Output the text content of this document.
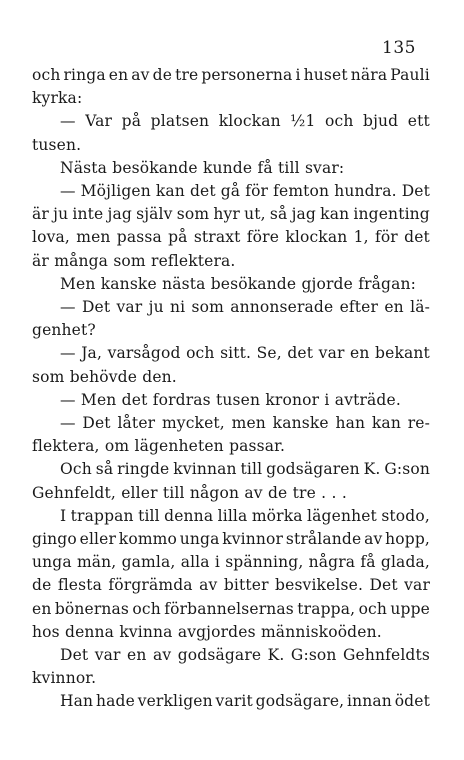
135
och ringa en av de tre personerna i huset nära Pauli
kyrka:
— Var på platsen klockan ½1 och bjud ett
tusen.
Nästa besökande kunde få till svar:
— Möjligen kan det gå för femton hundra. Det
är ju inte jag själv som hyr ut, så jag kan ingenting
lova, men passa på straxt före klockan 1, för det
är många som reflektera.
Men kanske nästa besökande gjorde frågan:
— Det var ju ni som annonserade efter en lä-
genhet?
— Ja, varsågod och sitt. Se, det var en bekant
som behövde den.
— Men det fordras tusen kronor i avträde.
— Det låter mycket, men kanske han kan re-
flektera, om lägenheten passar.
Och så ringde kvinnan till godsägaren K. G:son
Gehnfeldt, eller till någon av de tre . . .
I trappan till denna lilla mörka lägenhet stodo,
gingo eller kommo unga kvinnor strålande av hopp,
unga män, gamla, alla i spänning, några få glada,
de flesta förgrämda av bitter besvikelse. Det var
en bönernas och förbannelsernas trappa, och uppe
hos denna kvinna avgjordes människoöden.
Det var en av godsägare K. G:son Gehnfeldts
kvinnor.
Han hade verkligen varit godsägare, innan ödet
